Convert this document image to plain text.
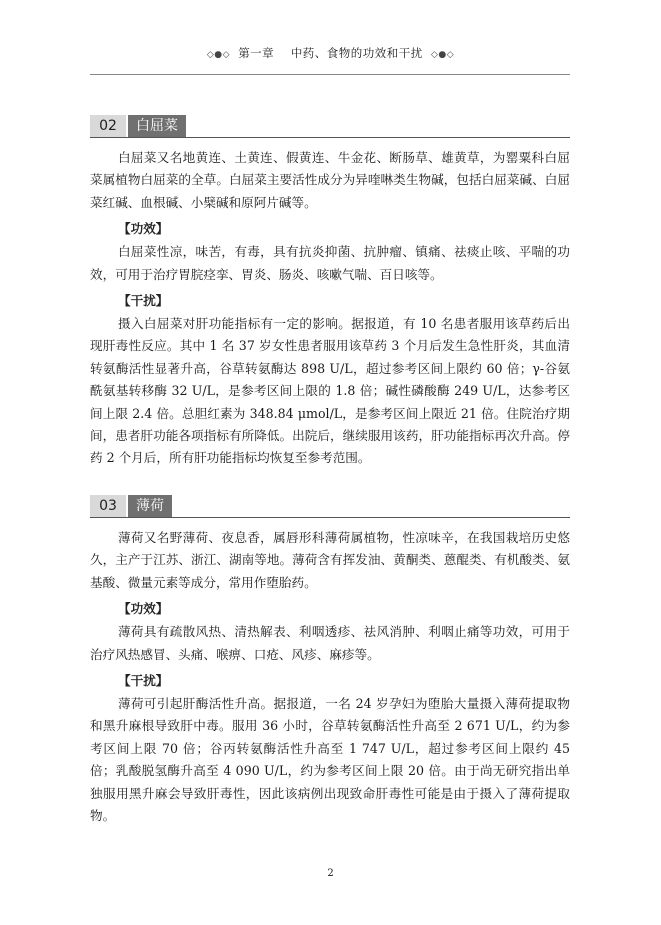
◇●◇ 第一章 中药、食物的功效和干扰 ◇●◇
02	白屈菜

白屈菜又名地黄连、土黄连、假黄连、牛金花、断肠草、雄黄草，为罂粟科白屈菜属植物白屈菜的全草。白屈菜主要活性成分为异喹啉类生物碱，包括白屈菜碱、白屈菜红碱、血根碱、小檗碱和原阿片碱等。

【功效】

白屈菜性凉，味苦，有毒，具有抗炎抑菌、抗肿瘤、镇痛、祛痰止咳、平喘的功效，可用于治疗胃脘痉挛、胃炎、肠炎、咳嗽气喘、百日咳等。

【干扰】

摄入白屈菜对肝功能指标有一定的影响。据报道，有 10 名患者服用该草药后出现肝毒性反应。其中 1 名 37 岁女性患者服用该草药 3 个月后发生急性肝炎，其血清转氨酶活性显著升高，谷草转氨酶达 898 U/L，超过参考区间上限约 60 倍；γ-谷氨酰氨基转移酶 32 U/L，是参考区间上限的 1.8 倍；碱性磷酸酶 249 U/L，达参考区间上限 2.4 倍。总胆红素为 348.84 μmol/L，是参考区间上限近 21 倍。住院治疗期间，患者肝功能各项指标有所降低。出院后，继续服用该药，肝功能指标再次升高。停药 2 个月后，所有肝功能指标均恢复至参考范围。

03	薄荷

薄荷又名野薄荷、夜息香，属唇形科薄荷属植物，性凉味辛，在我国栽培历史悠久，主产于江苏、浙江、湖南等地。薄荷含有挥发油、黄酮类、蒽醌类、有机酸类、氨基酸、微量元素等成分，常用作堕胎药。

【功效】

薄荷具有疏散风热、清热解表、利咽透疹、祛风消肿、利咽止痛等功效，可用于治疗风热感冒、头痛、喉痹、口疮、风疹、麻疹等。

【干扰】

薄荷可引起肝酶活性升高。据报道，一名 24 岁孕妇为堕胎大量摄入薄荷提取物和黑升麻根导致肝中毒。服用 36 小时，谷草转氨酶活性升高至 2 671 U/L，约为参考区间上限 70 倍；谷丙转氨酶活性升高至 1 747 U/L，超过参考区间上限约 45 倍；乳酸脱氢酶升高至 4 090 U/L，约为参考区间上限 20 倍。由于尚无研究指出单独服用黑升麻会导致肝毒性，因此该病例出现致命肝毒性可能是由于摄入了薄荷提取物。

2
